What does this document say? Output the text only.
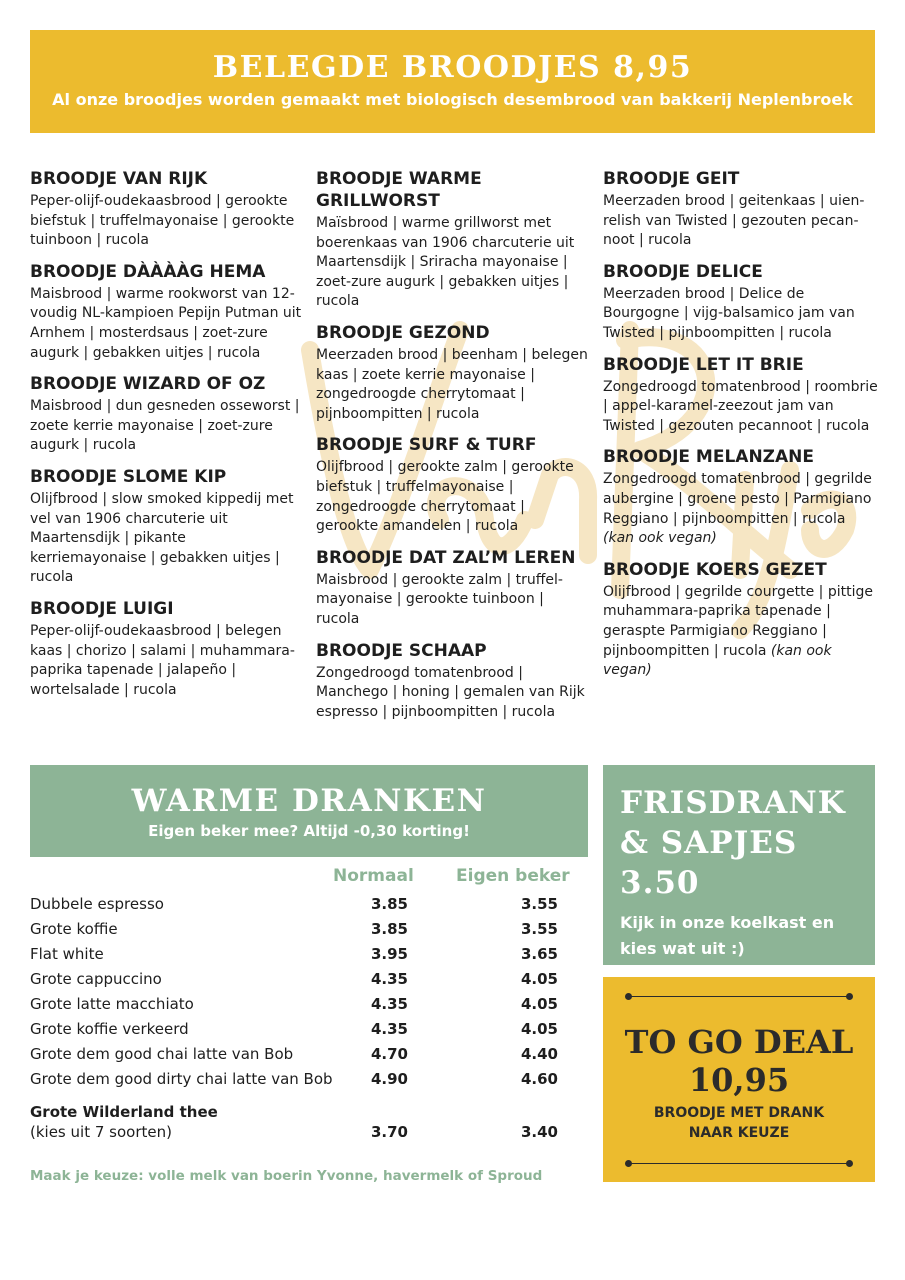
BELEGDE BROODJES 8,95
Al onze broodjes worden gemaakt met biologisch desembrood van bakkerij Neplenbroek
BROODJE VAN RIJK
Peper-olijf-oudekaasbrood | gerookte biefstuk | truffelmayonaise | gerookte tuinboon | rucola
BROODJE DÀÀÀÀG HEMA
Maisbrood | warme rookworst van 12-voudig NL-kampioen Pepijn Putman uit Arnhem | mosterdsaus | zoet-zure augurk | gebakken uitjes | rucola
BROODJE WIZARD OF OZ
Maisbrood | dun gesneden osseworst | zoete kerrie mayonaise | zoet-zure augurk | rucola
BROODJE SLOME KIP
Olijfbrood | slow smoked kippedij met vel van 1906 charcuterie uit Maartensdijk | pikante kerriemayonaise | gebakken uitjes | rucola
BROODJE LUIGI
Peper-olijf-oudekaasbrood | belegen kaas | chorizo | salami | muhammara-paprika tapenade | jalapeño | wortelsalade | rucola
BROODJE WARME GRILLWORST
Maïsbrood | warme grillworst met boerenkaas van 1906 charcuterie uit Maartensdijk | Sriracha mayonaise | zoet-zure augurk | gebakken uitjes | rucola
BROODJE GEZOND
Meerzaden brood | beenham | belegen kaas | zoete kerrie mayonaise | zongedroogde cherrytomaat | pijnboompitten | rucola
BROODJE SURF & TURF
Olijfbrood | gerookte zalm | gerookte biefstuk | truffelmayonaise | zongedroogde cherrytomaat | gerookte amandelen | rucola
BROODJE DAT ZAL’M LEREN
Maisbrood | gerookte zalm | truffel-mayonaise | gerookte tuinboon | rucola
BROODJE SCHAAP
Zongedroogd tomatenbrood | Manchego | honing | gemalen van Rijk espresso | pijnboompitten | rucola
BROODJE GEIT
Meerzaden brood | geitenkaas | uien-relish van Twisted | gezouten pecan-noot | rucola
BROODJE DELICE
Meerzaden brood | Delice de Bourgogne | vijg-balsamico jam van Twisted | pijnboompitten | rucola
BROODJE LET IT BRIE
Zongedroogd tomatenbrood | roombrie | appel-karamel-zeezout jam van Twisted | gezouten pecannoot | rucola
BROODJE MELANZANE
Zongedroogd tomatenbrood | gegrilde aubergine | groene pesto | Parmigiano Reggiano | pijnboompitten | rucola (kan ook vegan)
BROODJE KOERS GEZET
Olijfbrood | gegrilde courgette | pittige muhammara-paprika tapenade | geraspte Parmigiano Reggiano | pijnboompitten | rucola (kan ook vegan)
WARME DRANKEN
Eigen beker mee? Altijd -0,30 korting!
Normaal Eigen beker
Dubbele espresso	3.85	3.55
Grote koffie	3.85	3.55
Flat white	3.95	3.65
Grote cappuccino	4.35	4.05
Grote latte macchiato	4.35	4.05
Grote koffie verkeerd	4.35	4.05
Grote dem good chai latte van Bob	4.70	4.40
Grote dem good dirty chai latte van Bob	4.90	4.60
Grote Wilderland thee
(kies uit 7 soorten)	3.70	3.40
Maak je keuze: volle melk van boerin Yvonne, havermelk of Sproud
FRISDRANK
& SAPJES
3.50
Kijk in onze koelkast en kies wat uit :)
TO GO DEAL
10,95
BROODJE MET DRANK
NAAR KEUZE
